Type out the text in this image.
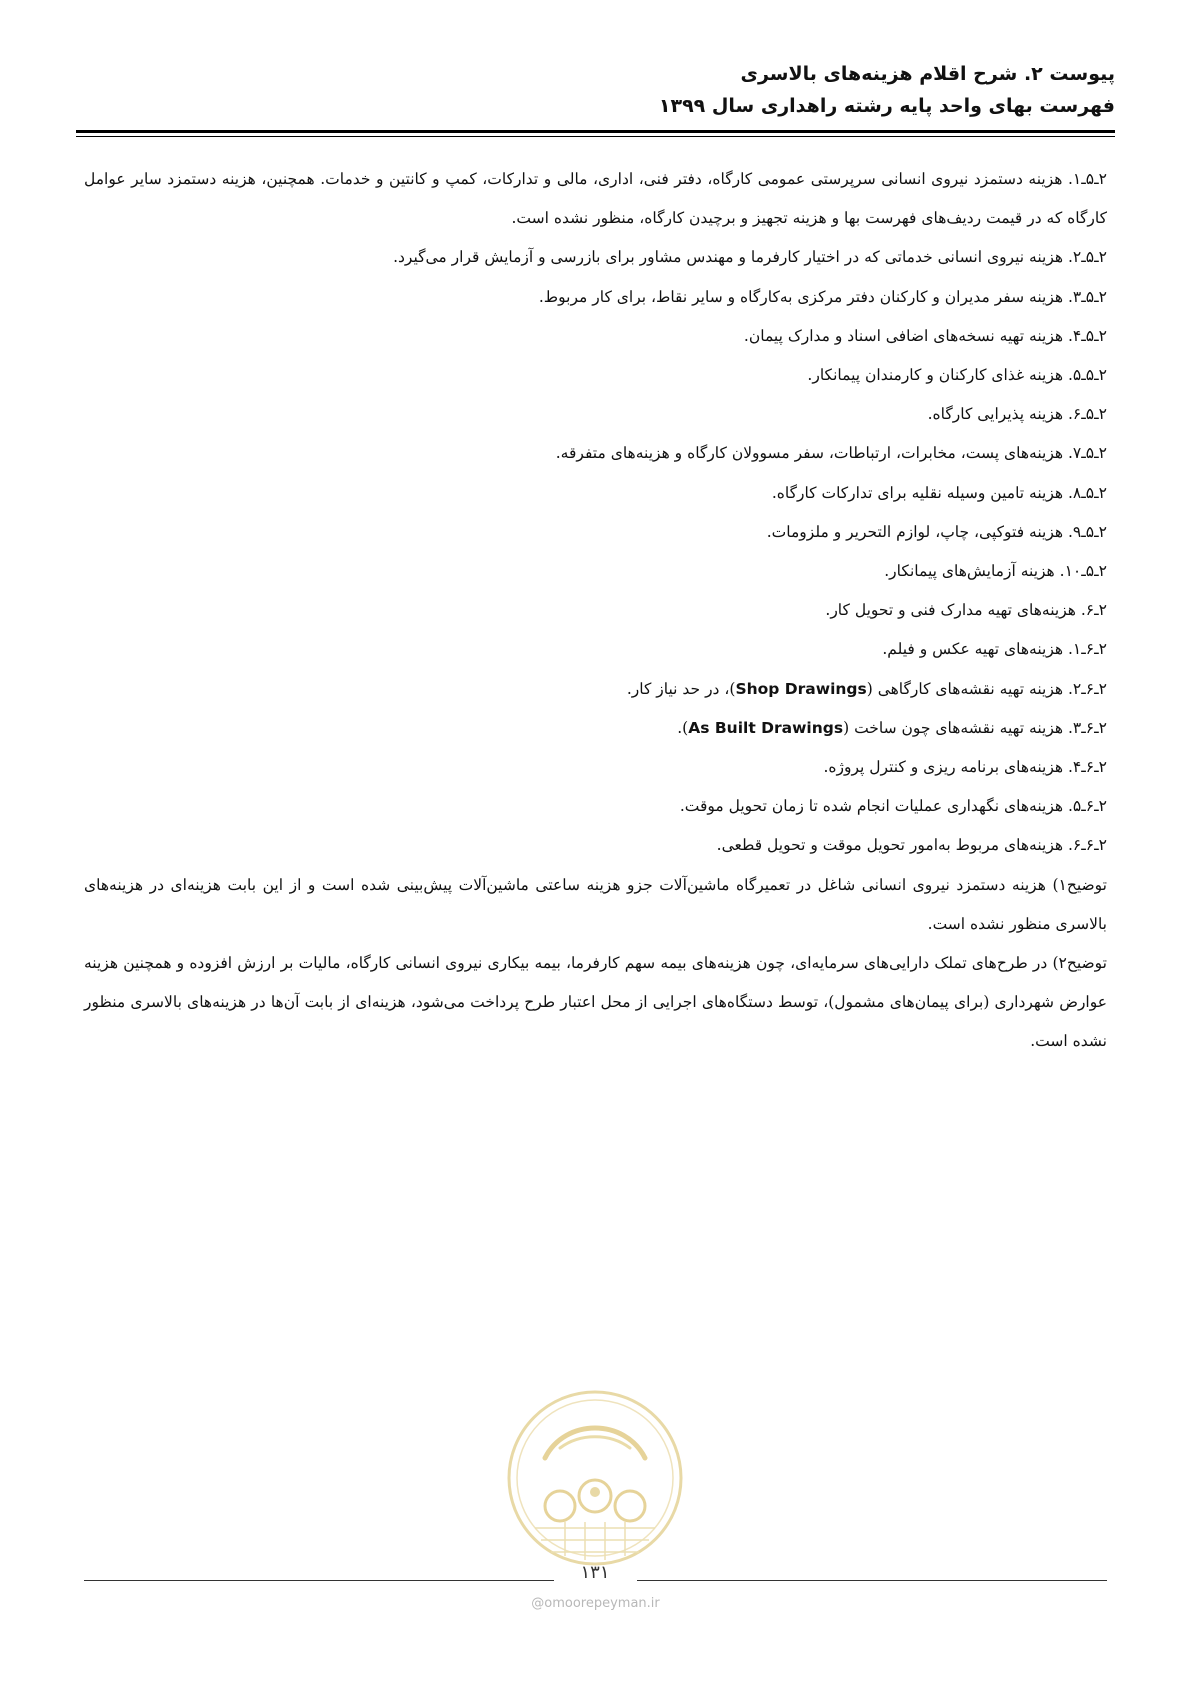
پیوست ۲. شرح اقلام هزینه‌های بالاسری
فهرست بهای واحد پایه رشته راهداری سال ۱۳۹۹

۲ـ۵ـ۱. هزینه دستمزد نیروی انسانی سرپرستی عمومی کارگاه، دفتر فنی، اداری، مالی و تدارکات، کمپ و کانتین و خدمات. همچنین، هزینه دستمزد سایر عوامل کارگاه که در قیمت ردیف‌های فهرست بها و هزینه تجهیز و برچیدن کارگاه، منظور نشده است.

۲ـ۵ـ۲. هزینه نیروی انسانی خدماتی که در اختیار کارفرما و مهندس مشاور برای بازرسی و آزمایش قرار می‌گیرد.

۲ـ۵ـ۳. هزینه سفر مدیران و کارکنان دفتر مرکزی به‌کارگاه و سایر نقاط، برای کار مربوط.

۲ـ۵ـ۴. هزینه تهیه نسخه‌های اضافی اسناد و مدارک پیمان.

۲ـ۵ـ۵. هزینه غذای کارکنان و کارمندان پیمانکار.

۲ـ۵ـ۶. هزینه پذیرایی کارگاه.

۲ـ۵ـ۷. هزینه‌های پست، مخابرات، ارتباطات، سفر مسوولان کارگاه و هزینه‌های متفرقه.

۲ـ۵ـ۸. هزینه تامین وسیله نقلیه برای تدارکات کارگاه.

۲ـ۵ـ۹. هزینه فتوکپی، چاپ، لوازم التحریر و ملزومات.

۲ـ۵ـ۱۰. هزینه آزمایش‌های پیمانکار.

۲ـ۶. هزینه‌های تهیه مدارک فنی و تحویل کار.

۲ـ۶ـ۱. هزینه‌های تهیه عکس و فیلم.

۲ـ۶ـ۲. هزینه تهیه نقشه‌های کارگاهی (Shop Drawings)، در حد نیاز کار.

۲ـ۶ـ۳. هزینه تهیه نقشه‌های چون ساخت (As Built Drawings).

۲ـ۶ـ۴. هزینه‌های برنامه ریزی و کنترل پروژه.

۲ـ۶ـ۵. هزینه‌های نگهداری عملیات انجام شده تا زمان تحویل موقت.

۲ـ۶ـ۶. هزینه‌های مربوط به‌امور تحویل موقت و تحویل قطعی.

توضیح۱) هزینه دستمزد نیروی انسانی شاغل در تعمیرگاه ماشین‌آلات جزو هزینه ساعتی ماشین‌آلات پیش‌بینی شده است و از این بابت هزینه‌ای در هزینه‌های بالاسری منظور نشده است.

توضیح۲) در طرح‌های تملک دارایی‌های سرمایه‌ای، چون هزینه‌های بیمه سهم کارفرما، بیمه بیکاری نیروی انسانی کارگاه، مالیات بر ارزش افزوده و همچنین هزینه عوارض شهرداری (برای پیمان‌های مشمول)، توسط دستگاه‌های اجرایی از محل اعتبار طرح پرداخت می‌شود، هزینه‌ای از بابت آن‌ها در هزینه‌های بالاسری منظور نشده است.

۱۳۱
@omoorepeyman.ir
